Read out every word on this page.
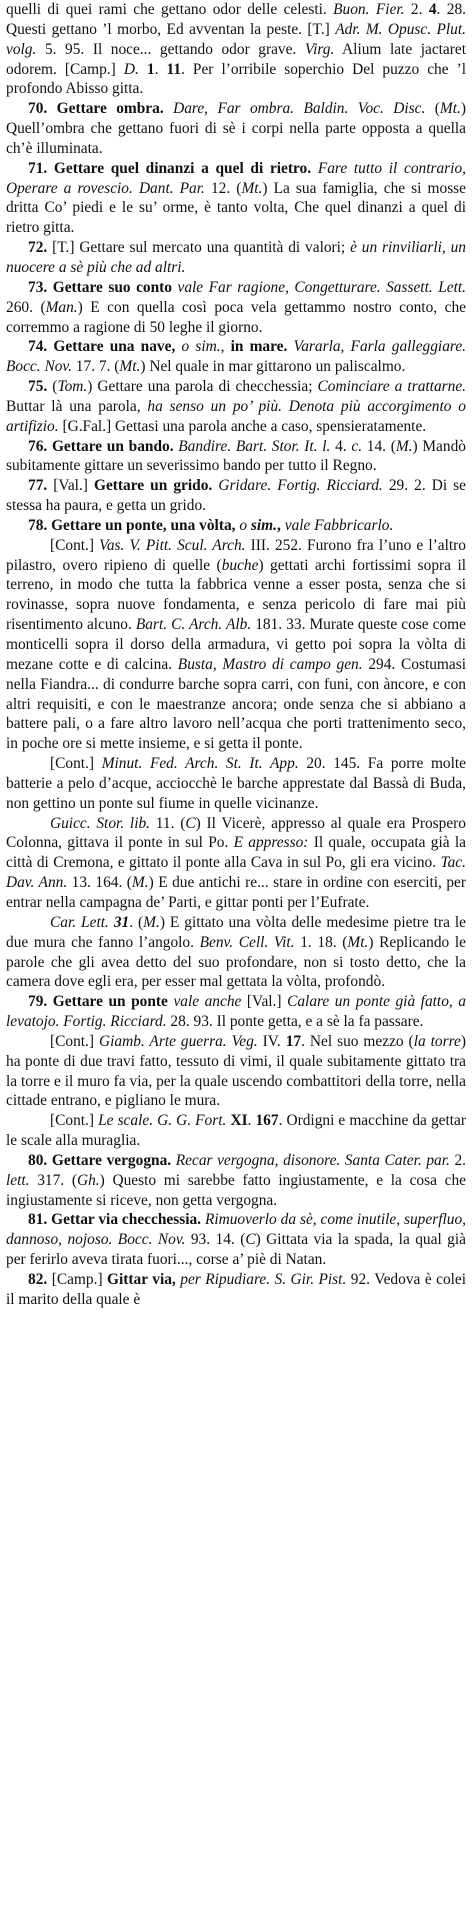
quelli di quei rami che gettano odor delle celesti. Buon. Fier. 2. 4. 28. Questi gettano ’l morbo, Ed avventan la peste. [T.] Adr. M. Opusc. Plut. volg. 5. 95. Il noce... gettando odor grave. Virg. Alium late jactaret odorem. [Camp.] D. 1. 11. Per l’orribile soperchio Del puzzo che ’l profondo Abisso gitta.

70. Gettare ombra. Dare, Far ombra. Baldin. Voc. Disc. (Mt.) Quell’ombra che gettano fuori di sè i corpi nella parte opposta a quella ch’è illuminata.

71. Gettare quel dinanzi a quel di rietro. Fare tutto il contrario, Operare a rovescio. Dant. Par. 12. (Mt.) La sua famiglia, che si mosse dritta Co’ piedi e le su’ orme, è tanto volta, Che quel dinanzi a quel di rietro gitta.

72. [T.] Gettare sul mercato una quantità di valori; è un rinviliarli, un nuocere a sè più che ad altri.

73. Gettare suo conto vale Far ragione, Congetturare. Sassett. Lett. 260. (Man.) E con quella così poca vela gettammo nostro conto, che corremmo a ragione di 50 leghe il giorno.

74. Gettare una nave, o sim., in mare. Vararla, Farla galleggiare. Bocc. Nov. 17. 7. (Mt.) Nel quale in mar gittarono un paliscalmo.

75. (Tom.) Gettare una parola di checchessia; Cominciare a trattarne. Buttar là una parola, ha senso un po’ più. Denota più accorgimento o artifizio. [G.Fal.] Gettasi una parola anche a caso, spensieratamente.

76. Gettare un bando. Bandire. Bart. Stor. It. l. 4. c. 14. (M.) Mandò subitamente gittare un severissimo bando per tutto il Regno.

77. [Val.] Gettare un grido. Gridare. Fortig. Ricciard. 29. 2. Di se stessa ha paura, e getta un grido.

78. Gettare un ponte, una vòlta, o sim., vale Fabbricarlo.

[Cont.] Vas. V. Pitt. Scul. Arch. III. 252. Furono fra l’uno e l’altro pilastro, overo ripieno di quelle (buche) gettati archi fortissimi sopra il terreno, in modo che tutta la fabbrica venne a esser posta, senza che si rovinasse, sopra nuove fondamenta, e senza pericolo di fare mai più risentimento alcuno. Bart. C. Arch. Alb. 181. 33. Murate queste cose come monticelli sopra il dorso della armadura, vi getto poi sopra la vòlta di mezane cotte e di calcina. Busta, Mastro di campo gen. 294. Costumasi nella Fiandra... di condurre barche sopra carri, con funi, con àncore, e con altri requisiti, e con le maestranze ancora; onde senza che si abbiano a battere pali, o a fare altro lavoro nell’acqua che porti trattenimento seco, in poche ore si mette insieme, e si getta il ponte.

[Cont.] Minut. Fed. Arch. St. It. App. 20. 145. Fa porre molte batterie a pelo d’acque, acciocchè le barche apprestate dal Bassà di Buda, non gettino un ponte sul fiume in quelle vicinanze.

Guicc. Stor. lib. 11. (C) Il Vicerè, appresso al quale era Prospero Colonna, gittava il ponte in sul Po. E appresso: Il quale, occupata già la città di Cremona, e gittato il ponte alla Cava in sul Po, gli era vicino. Tac. Dav. Ann. 13. 164. (M.) E due antichi re... stare in ordine con eserciti, per entrar nella campagna de’ Parti, e gittar ponti per l’Eufrate.

Car. Lett. 31. (M.) E gittato una vòlta delle medesime pietre tra le due mura che fanno l’angolo. Benv. Cell. Vit. 1. 18. (Mt.) Replicando le parole che gli avea detto del suo profondare, non si tosto detto, che la camera dove egli era, per esser mal gettata la vòlta, profondò.

79. Gettare un ponte vale anche [Val.] Calare un ponte già fatto, a levatojo. Fortig. Ricciard. 28. 93. Il ponte getta, e a sè la fa passare.

[Cont.] Giamb. Arte guerra. Veg. IV. 17. Nel suo mezzo (la torre) ha ponte di due travi fatto, tessuto di vimi, il quale subitamente gittato tra la torre e il muro fa via, per la quale uscendo combattitori della torre, nella cittade entrano, e pigliano le mura.

[Cont.] Le scale. G. G. Fort. XI. 167. Ordigni e macchine da gettar le scale alla muraglia.

80. Gettare vergogna. Recar vergogna, disonore. Santa Cater. par. 2. lett. 317. (Gh.) Questo mi sarebbe fatto ingiustamente, e la cosa che ingiustamente si riceve, non getta vergogna.

81. Gettar via checchessia. Rimuoverlo da sè, come inutile, superfluo, dannoso, nojoso. Bocc. Nov. 93. 14. (C) Gittata via la spada, la qual già per ferirlo aveva tirata fuori..., corse a’ piè di Natan.

82. [Camp.] Gittar via, per Ripudiare. S. Gir. Pist. 92. Vedova è colei il marito della quale è
